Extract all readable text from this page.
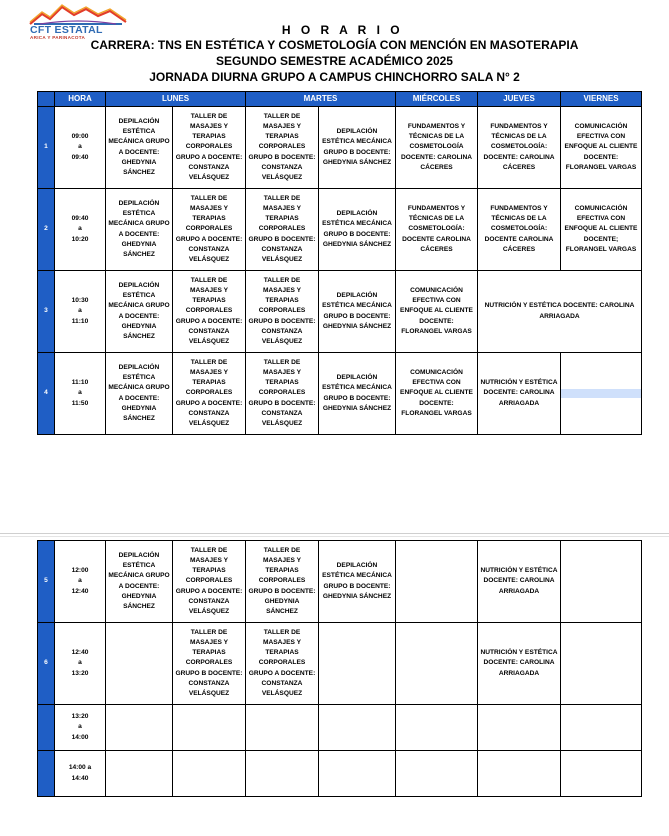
CFT ESTATAL
ARICA Y PARINACOTA
H O R A R I O
CARRERA: TNS EN ESTÉTICA Y COSMETOLOGÍA CON MENCIÓN EN MASOTERAPIA
SEGUNDO SEMESTRE ACADÉMICO 2025
JORNADA DIURNA GRUPO A CAMPUS CHINCHORRO SALA N° 2
	HORA	LUNES		MARTES		MIÉRCOLES	JUEVES	VIERNES
1	09:00
a
09:40	DEPILACIÓN ESTÉTICA MECÁNICA GRUPO A DOCENTE: GHEDYNIA SÁNCHEZ	TALLER DE MASAJES Y TERAPIAS CORPORALES GRUPO A DOCENTE: CONSTANZA VELÁSQUEZ	TALLER DE MASAJES Y TERAPIAS CORPORALES GRUPO B DOCENTE: CONSTANZA VELÁSQUEZ	DEPILACIÓN ESTÉTICA MECÁNICA GRUPO B DOCENTE: GHEDYNIA SÁNCHEZ	FUNDAMENTOS Y TÉCNICAS DE LA COSMETOLOGÍA DOCENTE: CAROLINA CÁCERES	FUNDAMENTOS Y TÉCNICAS DE LA COSMETOLOGÍA: DOCENTE: CAROLINA CÁCERES	COMUNICACIÓN EFECTIVA CON ENFOQUE AL CLIENTE DOCENTE: FLORANGEL VARGAS
2	09:40
a
10:20	DEPILACIÓN ESTÉTICA MECÁNICA GRUPO A DOCENTE: GHEDYNIA SÁNCHEZ	TALLER DE MASAJES Y TERAPIAS CORPORALES GRUPO A DOCENTE: CONSTANZA VELÁSQUEZ	TALLER DE MASAJES Y TERAPIAS CORPORALES GRUPO B DOCENTE: CONSTANZA VELÁSQUEZ	DEPILACIÓN ESTÉTICA MECÁNICA GRUPO B DOCENTE: GHEDYNIA SÁNCHEZ	FUNDAMENTOS Y TÉCNICAS DE LA COSMETOLOGÍA: DOCENTE CAROLINA CÁCERES	FUNDAMENTOS Y TÉCNICAS DE LA COSMETOLOGÍA: DOCENTE CAROLINA CÁCERES	COMUNICACIÓN EFECTIVA CON ENFOQUE AL CLIENTE DOCENTE; FLORANGEL VARGAS
3	10:30
a
11:10	DEPILACIÓN ESTÉTICA MECÁNICA GRUPO A DOCENTE: GHEDYNIA SÁNCHEZ	TALLER DE MASAJES Y TERAPIAS CORPORALES GRUPO A DOCENTE: CONSTANZA VELÁSQUEZ	TALLER DE MASAJES Y TERAPIAS CORPORALES GRUPO B DOCENTE: CONSTANZA VELÁSQUEZ	DEPILACIÓN ESTÉTICA MECÁNICA GRUPO B DOCENTE: GHEDYNIA SÁNCHEZ	COMUNICACIÓN EFECTIVA CON ENFOQUE AL CLIENTE DOCENTE: FLORANGEL VARGAS	NUTRICIÓN Y ESTÉTICA DOCENTE: CAROLINA ARRIAGADA	
4	11:10
a
11:50	DEPILACIÓN ESTÉTICA MECÁNICA GRUPO A DOCENTE: GHEDYNIA SÁNCHEZ	TALLER DE MASAJES Y TERAPIAS CORPORALES GRUPO A DOCENTE: CONSTANZA VELÁSQUEZ	TALLER DE MASAJES Y TERAPIAS CORPORALES GRUPO B DOCENTE: CONSTANZA VELÁSQUEZ	DEPILACIÓN ESTÉTICA MECÁNICA GRUPO B DOCENTE: GHEDYNIA SÁNCHEZ	COMUNICACIÓN EFECTIVA CON ENFOQUE AL CLIENTE DOCENTE: FLORANGEL VARGAS	NUTRICIÓN Y ESTÉTICA DOCENTE: CAROLINA ARRIAGADA	
5	12:00
a
12:40	DEPILACIÓN ESTÉTICA MECÁNICA GRUPO A DOCENTE: GHEDYNIA SÁNCHEZ	TALLER DE MASAJES Y TERAPIAS CORPORALES GRUPO A DOCENTE: CONSTANZA VELÁSQUEZ	TALLER DE MASAJES Y TERAPIAS CORPORALES GRUPO B DOCENTE: GHEDYNIA SÁNCHEZ	DEPILACIÓN ESTÉTICA MECÁNICA GRUPO B DOCENTE: GHEDYNIA SÁNCHEZ		NUTRICIÓN Y ESTÉTICA DOCENTE: CAROLINA ARRIAGADA	
6	12:40
a
13:20		TALLER DE MASAJES Y TERAPIAS CORPORALES GRUPO B DOCENTE: CONSTANZA VELÁSQUEZ	TALLER DE MASAJES Y TERAPIAS CORPORALES GRUPO A DOCENTE: CONSTANZA VELÁSQUEZ			NUTRICIÓN Y ESTÉTICA DOCENTE: CAROLINA ARRIAGADA	
	13:20
a
14:00							
	14:00 a
14:40							
